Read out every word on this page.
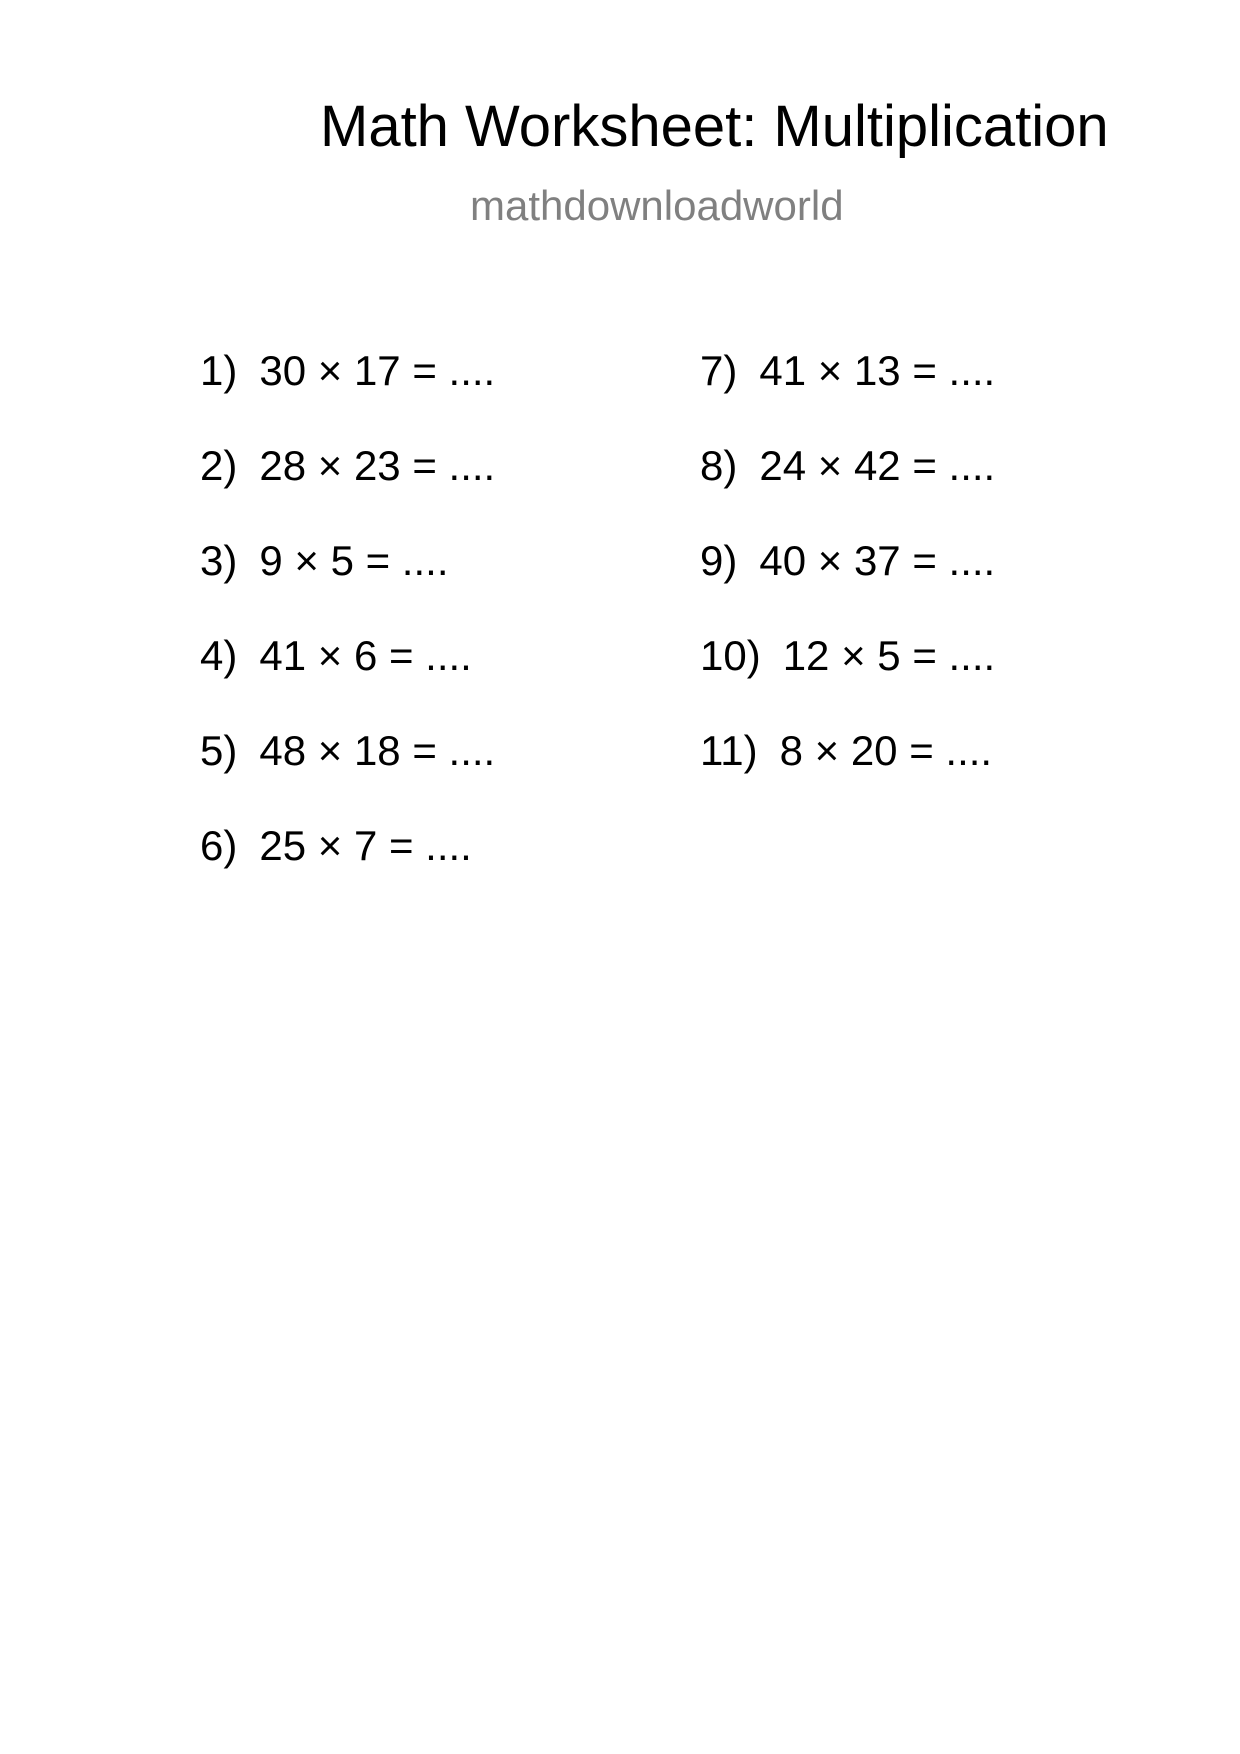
Math Worksheet: Multiplication
mathdownloadworld
1) 30 × 17 = ....
2) 28 × 23 = ....
3) 9 × 5 = ....
4) 41 × 6 = ....
5) 48 × 18 = ....
6) 25 × 7 = ....
7) 41 × 13 = ....
8) 24 × 42 = ....
9) 40 × 37 = ....
10) 12 × 5 = ....
11) 8 × 20 = ....
